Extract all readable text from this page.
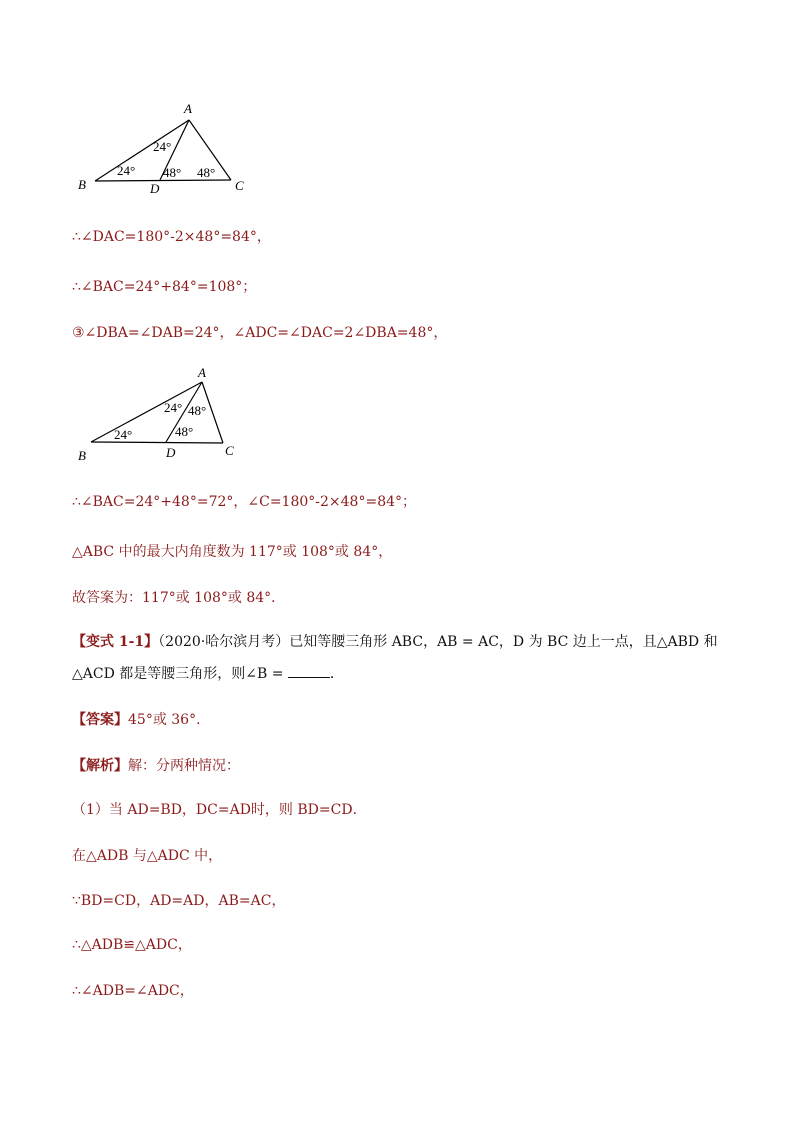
A
B	C
D
24°
24° 48° 48°
A
B	C
D
24° 48°
24°	48°
∴∠DAC=180°-2×48°=84°，
∴∠BAC=24°+84°=108°；
③∠DBA=∠DAB=24°，∠ADC=∠DAC=2∠DBA=48°，
∴∠BAC=24°+48°=72°，∠C=180°-2×48°=84°；
△ABC 中的最大内角度数为 117°或 108°或 84°，
故答案为：117°或 108°或 84°．
【变式 1-1】（2020·哈尔滨月考）已知等腰三角形 ABC，AB = AC，D 为 BC 边上一点，且△ABD 和
△ACD 都是等腰三角形，则∠B =	．
【答案】45°或 36°.
【解析】解：分两种情况：
（1）当 AD=BD，DC=AD时，则 BD=CD．
在△ADB 与△ADC 中，
∵BD=CD，AD=AD，AB=AC，
∴△ADB≌△ADC，
∴∠ADB=∠ADC，
